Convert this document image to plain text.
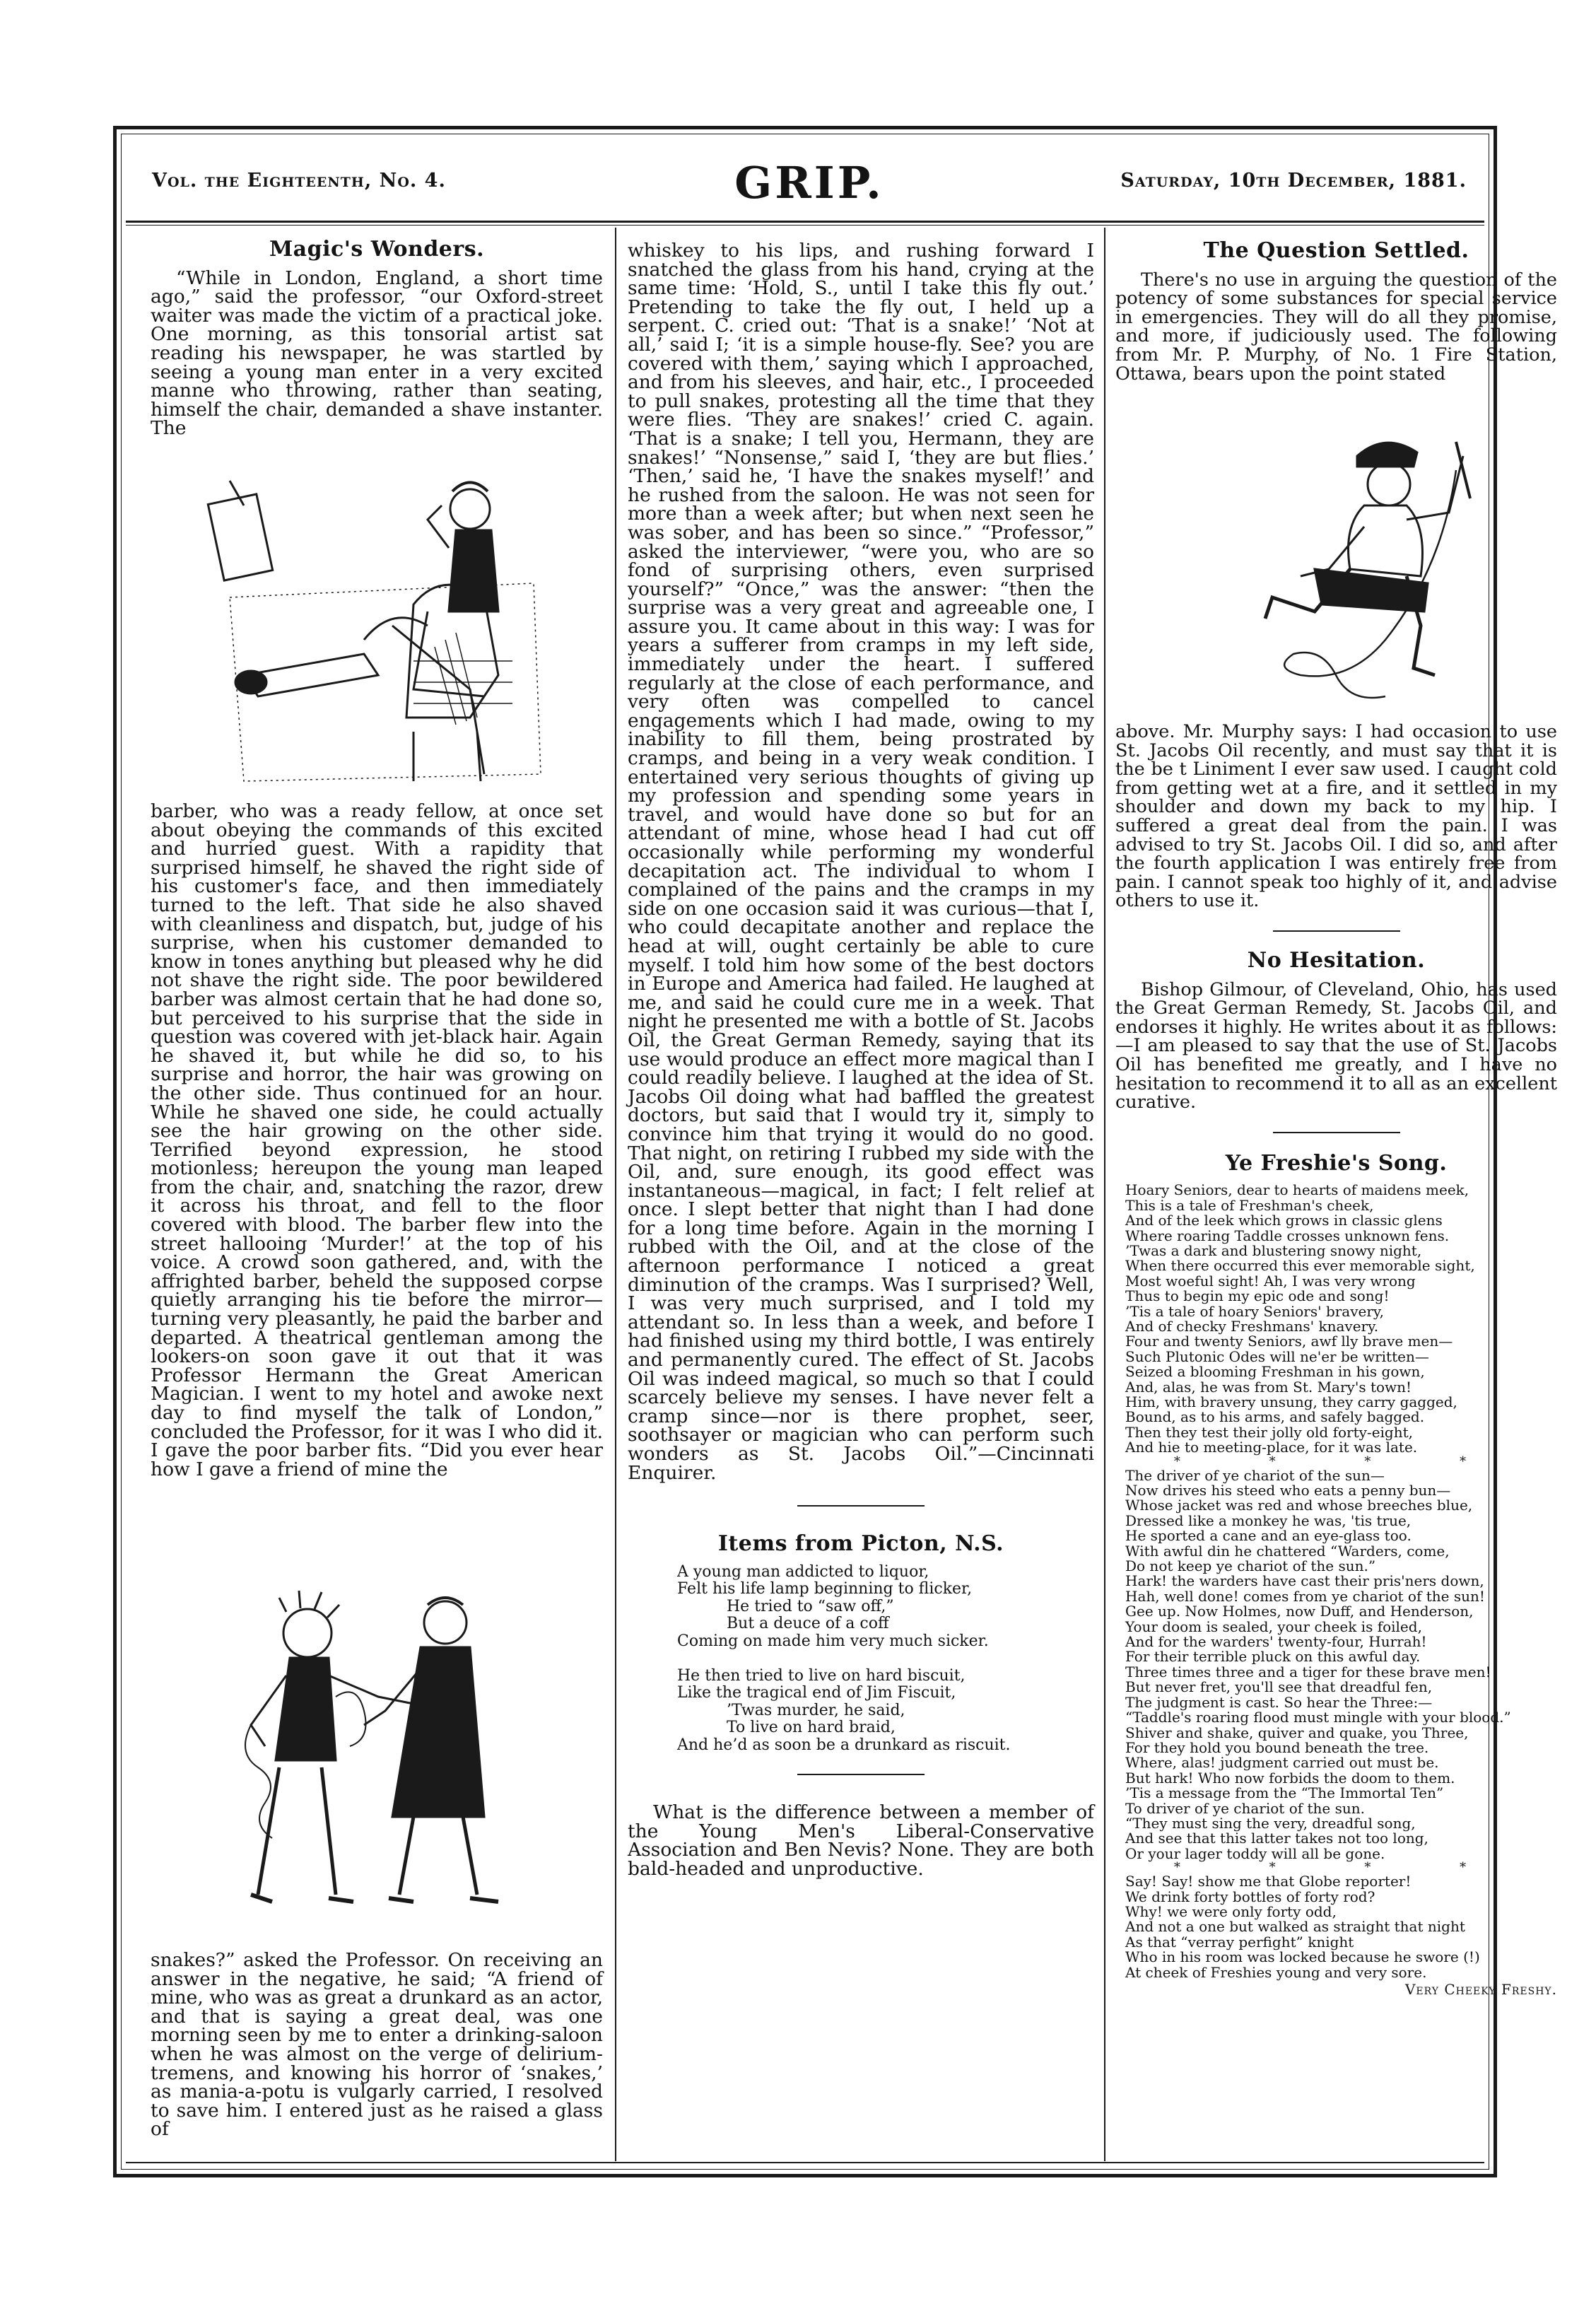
Vol. the Eighteenth, No. 4.	GRIP.	Saturday, 10th December, 1881.
Magic's Wonders.

“While in London, England, a short time ago,” said the professor, “our Oxford-street waiter was made the victim of a practical joke. One morning, as this tonsorial artist sat reading his newspaper, he was startled by seeing a young man enter in a very excited manne who throwing, rather than seating, himself the chair, demanded a shave instanter. The

barber, who was a ready fellow, at once set about obeying the commands of this excited and hurried guest. With a rapidity that surprised himself, he shaved the right side of his customer's face, and then immediately turned to the left. That side he also shaved with cleanliness and dispatch, but, judge of his surprise, when his customer demanded to know in tones anything but pleased why he did not shave the right side. The poor bewildered barber was almost certain that he had done so, but perceived to his surprise that the side in question was covered with jet-black hair. Again he shaved it, but while he did so, to his surprise and horror, the hair was growing on the other side. Thus continued for an hour. While he shaved one side, he could actually see the hair growing on the other side. Terrified beyond expression, he stood motionless; hereupon the young man leaped from the chair, and, snatching the razor, drew it across his throat, and fell to the floor covered with blood. The barber flew into the street hallooing ‘Murder!’ at the top of his voice. A crowd soon gathered, and, with the affrighted barber, beheld the supposed corpse quietly arranging his tie before the mirror—turning very pleasantly, he paid the barber and departed. A theatrical gentleman among the lookers-on soon gave it out that it was Professor Hermann the Great American Magician. I went to my hotel and awoke next day to find myself the talk of London,” concluded the Professor, for it was I who did it. I gave the poor barber fits. “Did you ever hear how I gave a friend of mine the

snakes?” asked the Professor. On receiving an answer in the negative, he said; “A friend of mine, who was as great a drunkard as an actor, and that is saying a great deal, was one morning seen by me to enter a drinking-saloon when he was almost on the verge of delirium-tremens, and knowing his horror of ‘snakes,’ as mania-a-potu is vulgarly carried, I resolved to save him. I entered just as he raised a glass of

whiskey to his lips, and rushing forward I snatched the glass from his hand, crying at the same time: ‘Hold, S., until I take this fly out.’ Pretending to take the fly out, I held up a serpent. C. cried out: ‘That is a snake!’ ‘Not at all,’ said I; ‘it is a simple house-fly. See? you are covered with them,’ saying which I approached, and from his sleeves, and hair, etc., I proceeded to pull snakes, protesting all the time that they were flies. ‘They are snakes!’ cried C. again. ‘That is a snake; I tell you, Hermann, they are snakes!’ “Nonsense,” said I, ‘they are but flies.’ ‘Then,’ said he, ‘I have the snakes myself!’ and he rushed from the saloon. He was not seen for more than a week after; but when next seen he was sober, and has been so since.” “Professor,” asked the interviewer, “were you, who are so fond of surprising others, even surprised yourself?” “Once,” was the answer: “then the surprise was a very great and agreeable one, I assure you. It came about in this way: I was for years a sufferer from cramps in my left side, immediately under the heart. I suffered regularly at the close of each performance, and very often was compelled to cancel engagements which I had made, owing to my inability to fill them, being prostrated by cramps, and being in a very weak condition. I entertained very serious thoughts of giving up my profession and spending some years in travel, and would have done so but for an attendant of mine, whose head I had cut off occasionally while performing my wonderful decapitation act. The individual to whom I complained of the pains and the cramps in my side on one occasion said it was curious—that I, who could decapitate another and replace the head at will, ought certainly be able to cure myself. I told him how some of the best doctors in Europe and America had failed. He laughed at me, and said he could cure me in a week. That night he presented me with a bottle of St. Jacobs Oil, the Great German Remedy, saying that its use would produce an effect more magical than I could readily believe. I laughed at the idea of St. Jacobs Oil doing what had baffled the greatest doctors, but said that I would try it, simply to convince him that trying it would do no good. That night, on retiring I rubbed my side with the Oil, and, sure enough, its good effect was instantaneous—magical, in fact; I felt relief at once. I slept better that night than I had done for a long time before. Again in the morning I rubbed with the Oil, and at the close of the afternoon performance I noticed a great diminution of the cramps. Was I surprised? Well, I was very much surprised, and I told my attendant so. In less than a week, and before I had finished using my third bottle, I was entirely and permanently cured. The effect of St. Jacobs Oil was indeed magical, so much so that I could scarcely believe my senses. I have never felt a cramp since—nor is there prophet, seer, soothsayer or magician who can perform such wonders as St. Jacobs Oil.”—Cincinnati Enquirer.

Items from Picton, N.S.
A young man addicted to liquor,
Felt his life lamp beginning to flicker,
He tried to “saw off,”
But a deuce of a coff
Coming on made him very much sicker.

He then tried to live on hard biscuit,
Like the tragical end of Jim Fiscuit,
’Twas murder, he said,
To live on hard braid,
And he’d as soon be a drunkard as riscuit.

What is the difference between a member of the Young Men's Liberal-Conservative Association and Ben Nevis? None. They are both bald-headed and unproductive.

The Question Settled.

There's no use in arguing the question of the potency of some substances for special service in emergencies. They will do all they promise, and more, if judiciously used. The following from Mr. P. Murphy, of No. 1 Fire Station, Ottawa, bears upon the point stated

above. Mr. Murphy says: I had occasion to use St. Jacobs Oil recently, and must say that it is the be t Liniment I ever saw used. I caught cold from getting wet at a fire, and it settled in my shoulder and down my back to my hip. I suffered a great deal from the pain. I was advised to try St. Jacobs Oil. I did so, and after the fourth application I was entirely free from pain. I cannot speak too highly of it, and advise others to use it.

No Hesitation.

Bishop Gilmour, of Cleveland, Ohio, has used the Great German Remedy, St. Jacobs Oil, and endorses it highly. He writes about it as follows:—I am pleased to say that the use of St. Jacobs Oil has benefited me greatly, and I have no hesitation to recommend it to all as an excellent curative.

Ye Freshie's Song.
Hoary Seniors, dear to hearts of maidens meek,
This is a tale of Freshman's cheek,
And of the leek which grows in classic glens
Where roaring Taddle crosses unknown fens.
’Twas a dark and blustering snowy night,
When there occurred this ever memorable sight,
Most woeful sight! Ah, I was very wrong
Thus to begin my epic ode and song!
’Tis a tale of hoary Seniors' bravery,
And of checky Freshmans' knavery.
Four and twenty Seniors, awf lly brave men—
Such Plutonic Odes will ne'er be written—
Seized a blooming Freshman in his gown,
And, alas, he was from St. Mary's town!
Him, with bravery unsung, they carry gagged,
Bound, as to his arms, and safely bagged.
Then they test their jolly old forty-eight,
And hie to meeting-place, for it was late.
* * * *
The driver of ye chariot of the sun—
Now drives his steed who eats a penny bun—
Whose jacket was red and whose breeches blue,
Dressed like a monkey he was, 'tis true,
He sported a cane and an eye-glass too.
With awful din he chattered “Warders, come,
Do not keep ye chariot of the sun.”
Hark! the warders have cast their pris'ners down,
Hah, well done! comes from ye chariot of the sun!
Gee up. Now Holmes, now Duff, and Henderson,
Your doom is sealed, your cheek is foiled,
And for the warders' twenty-four, Hurrah!
For their terrible pluck on this awful day.
Three times three and a tiger for these brave men!
But never fret, you'll see that dreadful fen,
The judgment is cast. So hear the Three:—
“Taddle's roaring flood must mingle with your blood.”
Shiver and shake, quiver and quake, you Three,
For they hold you bound beneath the tree.
Where, alas! judgment carried out must be.
But hark! Who now forbids the doom to them.
’Tis a message from the “The Immortal Ten”
To driver of ye chariot of the sun.
“They must sing the very, dreadful song,
And see that this latter takes not too long,
Or your lager toddy will all be gone.
* * * *
Say! Say! show me that Globe reporter!
We drink forty bottles of forty rod?
Why! we were only forty odd,
And not a one but walked as straight that night
As that “verray perfight” knight
Who in his room was locked because he swore (!)
At cheek of Freshies young and very sore.
Very Cheeky Freshy.
